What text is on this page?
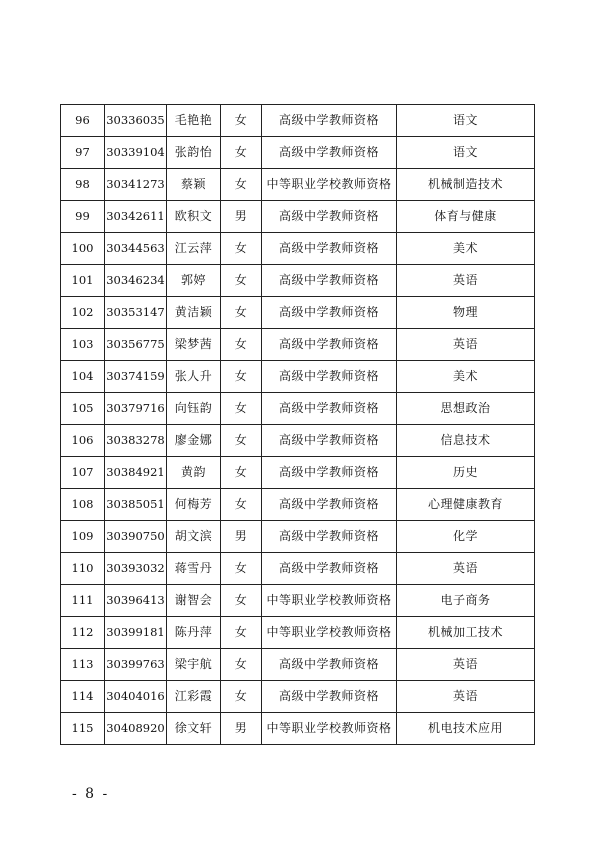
96	30336035	毛艳艳	女	高级中学教师资格	语文
97	30339104	张韵怡	女	高级中学教师资格	语文
98	30341273	蔡颖	女	中等职业学校教师资格	机械制造技术
99	30342611	欧积文	男	高级中学教师资格	体育与健康
100	30344563	江云萍	女	高级中学教师资格	美术
101	30346234	郭婷	女	高级中学教师资格	英语
102	30353147	黄洁颖	女	高级中学教师资格	物理
103	30356775	梁梦茜	女	高级中学教师资格	英语
104	30374159	张人升	女	高级中学教师资格	美术
105	30379716	向钰韵	女	高级中学教师资格	思想政治
106	30383278	廖金娜	女	高级中学教师资格	信息技术
107	30384921	黄韵	女	高级中学教师资格	历史
108	30385051	何梅芳	女	高级中学教师资格	心理健康教育
109	30390750	胡文滨	男	高级中学教师资格	化学
110	30393032	蒋雪丹	女	高级中学教师资格	英语
111	30396413	谢智会	女	中等职业学校教师资格	电子商务
112	30399181	陈丹萍	女	中等职业学校教师资格	机械加工技术
113	30399763	梁宇航	女	高级中学教师资格	英语
114	30404016	江彩霞	女	高级中学教师资格	英语
115	30408920	徐文轩	男	中等职业学校教师资格	机电技术应用
- 8 -
